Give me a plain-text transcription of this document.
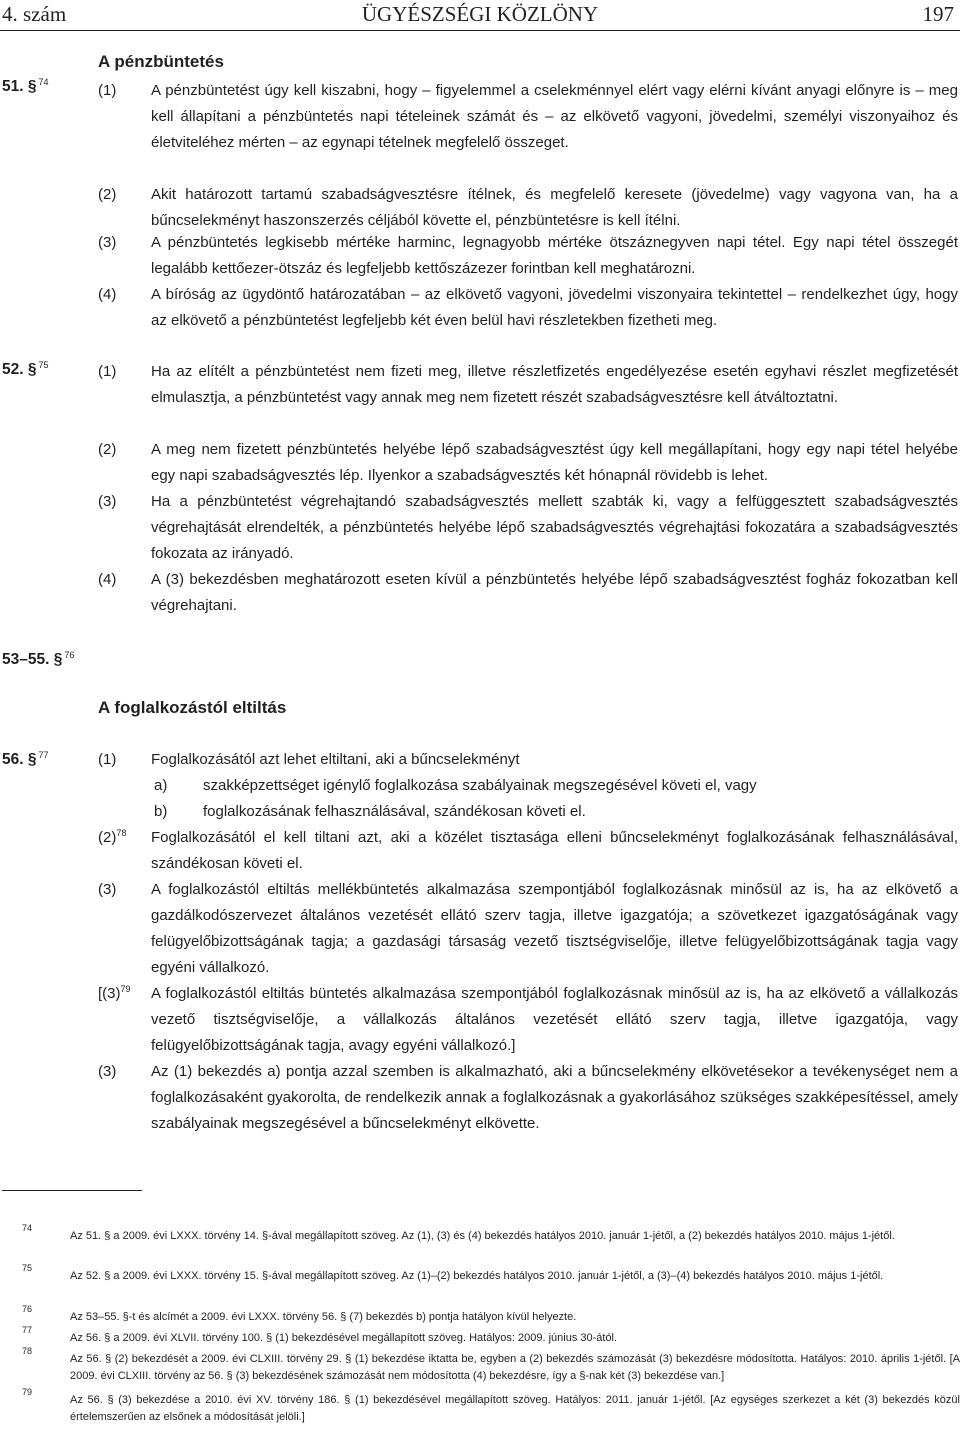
4. szám	ÜGYÉSZSÉGI KÖZLÖNY	197
A pénzbüntetés
51. § $^{74}$
(1) A pénzbüntetést úgy kell kiszabni, hogy – figyelemmel a cselekménnyel elért vagy elérni kívánt anyagi előnyre is – meg kell állapítani a pénzbüntetés napi tételeinek számát és – az elkövető vagyoni, jövedelmi, személyi viszonyaihoz és életviteléhez mérten – az egynapi tételnek megfelelő összeget.
(2) Akit határozott tartamú szabadságvesztésre ítélnek, és megfelelő keresete (jövedelme) vagy vagyona van, ha a bűncselekményt haszonszerzés céljából követte el, pénzbüntetésre is kell ítélni.
(3) A pénzbüntetés legkisebb mértéke harminc, legnagyobb mértéke ötszáznegyven napi tétel. Egy napi tétel összegét legalább kettőezer-ötszáz és legfeljebb kettőszázezer forintban kell meghatározni.
(4) A bíróság az ügydöntő határozatában – az elkövető vagyoni, jövedelmi viszonyaira tekintettel – rendelkezhet úgy, hogy az elkövető a pénzbüntetést legfeljebb két éven belül havi részletekben fizetheti meg.
52. § $^{75}$	(1) Ha az elítélt a pénzbüntetést nem fizeti meg, illetve részletfizetés engedélyezése esetén egyhavi részlet megfizetését elmulasztja, a pénzbüntetést vagy annak meg nem fizetett részét szabadságvesztésre kell átváltoztatni.
(2) A meg nem fizetett pénzbüntetés helyébe lépő szabadságvesztést úgy kell megállapítani, hogy egy napi tétel helyébe egy napi szabadságvesztés lép. Ilyenkor a szabadságvesztés két hónapnál rövidebb is lehet.
(3) Ha a pénzbüntetést végrehajtandó szabadságvesztés mellett szabták ki, vagy a felfüggesztett szabadságvesztés végrehajtását elrendelték, a pénzbüntetés helyébe lépő szabadságvesztés végrehajtási fokozatára a szabadságvesztés fokozata az irányadó.
(4) A (3) bekezdésben meghatározott eseten kívül a pénzbüntetés helyébe lépő szabadságvesztést fogház fokozatban kell végrehajtani.
53–55. § $^{76}$
A foglalkozástól eltiltás
56. § $^{77}$	(1) Foglalkozásától azt lehet eltiltani, aki a bűncselekményt
a) szakképzettséget igénylő foglalkozása szabályainak megszegésével követi el, vagy
b) foglalkozásának felhasználásával, szándékosan követi el.
$(2)^{78}$ Foglalkozásától el kell tiltani azt, aki a közélet tisztasága elleni bűncselekményt foglalkozásának felhasználásával, szándékosan követi el.
(3) A foglalkozástól eltiltás mellékbüntetés alkalmazása szempontjából foglalkozásnak minősül az is, ha az elkövető a gazdálkodószervezet általános vezetését ellátó szerv tagja, illetve igazgatója; a szövetkezet igazgatóságának vagy felügyelőbizottságának tagja; a gazdasági társaság vezető tisztségviselője, illetve felügyelőbizottságának tagja vagy egyéni vállalkozó.
[$(3)^{79}$ A foglalkozástól eltiltás büntetés alkalmazása szempontjából foglalkozásnak minősül az is, ha az elkövető a vállalkozás vezető tisztségviselője, a vállalkozás általános vezetését ellátó szerv tagja, illetve igazgatója, vagy felügyelőbizottságának tagja, avagy egyéni vállalkozó.]
(3) Az (1) bekezdés a) pontja azzal szemben is alkalmazható, aki a bűncselekmény elkövetésekor a tevékenységet nem a foglalkozásaként gyakorolta, de rendelkezik annak a foglalkozásnak a gyakorlásához szükséges szakképesítéssel, amely szabályainak megszegésével a bűncselekményt elkövette.
74
Az 51. § a 2009. évi LXXX. törvény 14. §-ával megállapított szöveg. Az (1), (3) és (4) bekezdés hatályos 2010. január 1-jétől, a (2) bekezdés hatályos 2010. május 1-jétől.
75
Az 52. § a 2009. évi LXXX. törvény 15. §-ával megállapított szöveg. Az (1)–(2) bekezdés hatályos 2010. január 1-jétől, a (3)–(4) bekezdés hatályos 2010. május 1-jétől.
76
Az 53–55. §-t és alcímét a 2009. évi LXXX. törvény 56. § (7) bekezdés b) pontja hatályon kívül helyezte.
77
Az 56. § a 2009. évi XLVII. törvény 100. § (1) bekezdésével megállapított szöveg. Hatályos: 2009. június 30-ától.
78
Az 56. § (2) bekezdését a 2009. évi CLXIII. törvény 29. § (1) bekezdése iktatta be, egyben a (2) bekezdés számozását (3) bekezdésre módosította. Hatályos: 2010. április 1-jétől. [A 2009. évi CLXIII. törvény az 56. § (3) bekezdésének számozását nem módosította (4) bekezdésre, így a §-nak két (3) bekezdése van.]
79
Az 56. § (3) bekezdése a 2010. évi XV. törvény 186. § (1) bekezdésével megállapított szöveg. Hatályos: 2011. január 1-jétől. [Az egységes szerkezet a két (3) bekezdés közül értelemszerűen az elsőnek a módosítását jelöli.]
